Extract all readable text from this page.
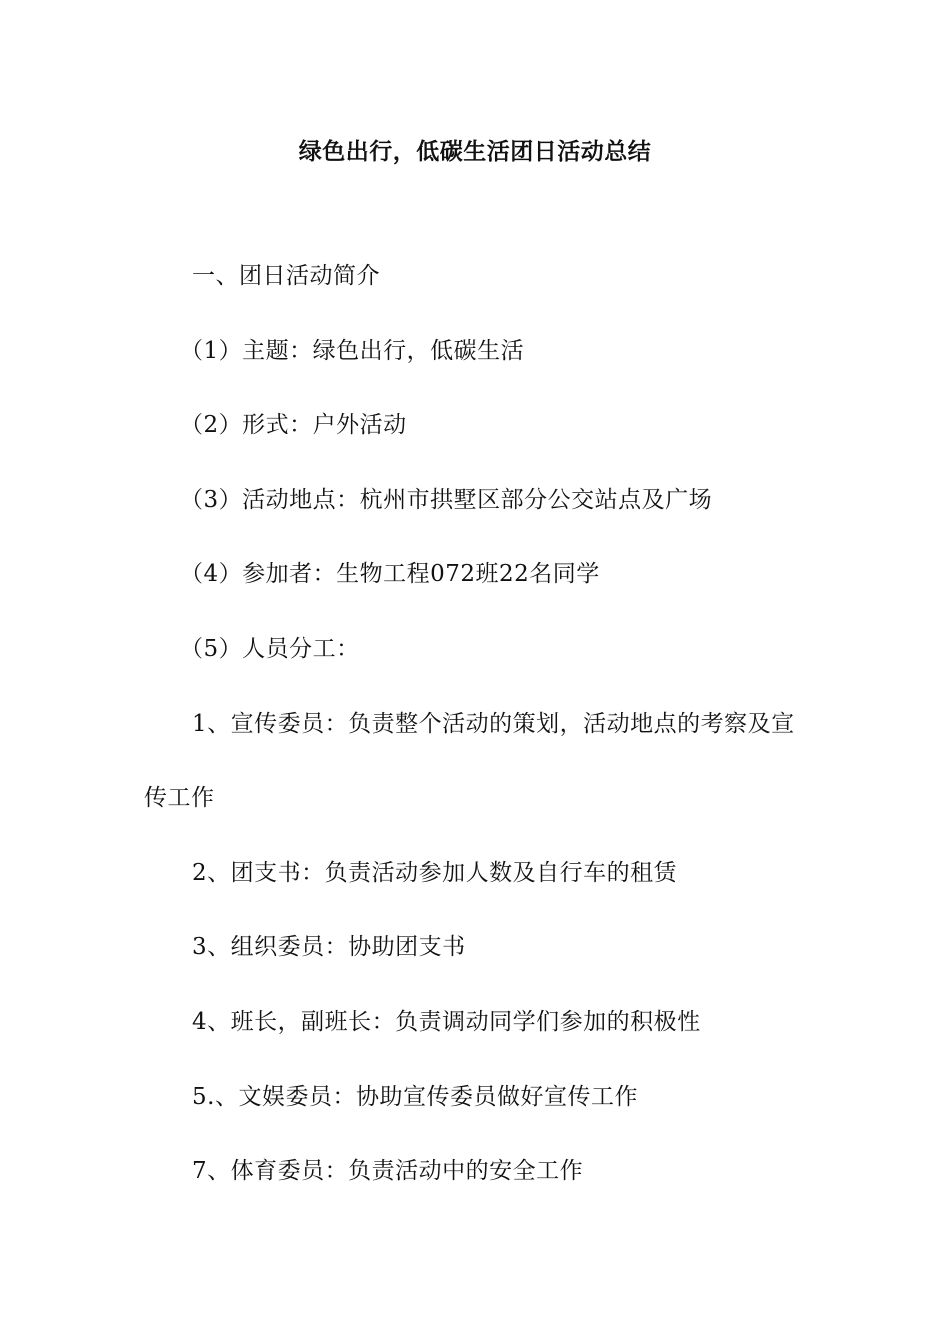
绿色出行，低碳生活团日活动总结
一、团日活动简介
（1）主题：绿色出行，低碳生活
（2）形式：户外活动
（3）活动地点：杭州市拱墅区部分公交站点及广场
（4）参加者：生物工程072班22名同学
（5）人员分工：
1、宣传委员：负责整个活动的策划，活动地点的考察及宣
传工作
2、团支书：负责活动参加人数及自行车的租赁
3、组织委员：协助团支书
4、班长，副班长：负责调动同学们参加的积极性
5.、文娱委员：协助宣传委员做好宣传工作
7、体育委员：负责活动中的安全工作
